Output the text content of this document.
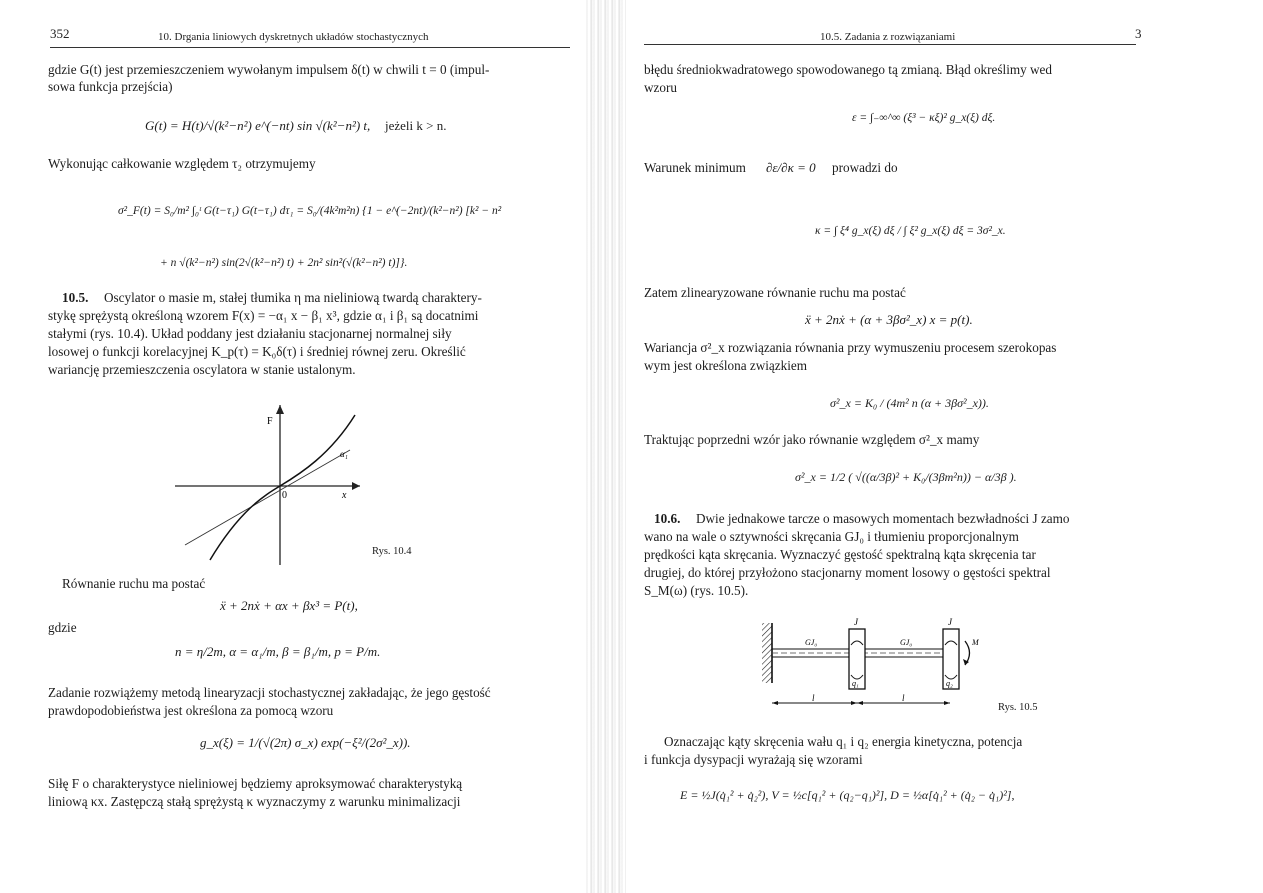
352	10. Drgania liniowych dyskretnych układów stochastycznych
gdzie G(t) jest przemieszczeniem wywołanym impulsem δ(t) w chwili t = 0 (impul-
sowa funkcja przejścia)
G(t) = H(t)/√(k²−n²) e^(−nt) sin √(k²−n²) t, jeżeli k > n.
Wykonując całkowanie względem τ₂ otrzymujemy
σ²_F(t) = S₀/m² ∫₀ᵗ G(t−τ₁) G(t−τ₁) dτ₁ = S₀/(4k²m²n) {1 − e^(−2nt)/(k²−n²) [k² − n²
+ n √(k²−n²) sin(2√(k²−n²) t) + 2n² sin²(√(k²−n²) t)]}.
10.5. Oscylator o masie m, stałej tłumika η ma nieliniową twardą charaktery-
stykę sprężystą określoną wzorem F(x) = −α₁ x − β₁ x³, gdzie α₁ i β₁ są docatnimi
stałymi (rys. 10.4). Układ poddany jest działaniu stacjonarnej normalnej siły
losowej o funkcji korelacyjnej K_p(τ) = K₀δ(τ) i średniej równej zeru. Określić
wariancję przemieszczenia oscylatora w stanie ustalonym.
F
0	x
α₁
Rys. 10.4
Równanie ruchu ma postać
ẍ + 2nẋ + αx + βx³ = P(t),
gdzie
n = η/2m, α = α₁/m, β = β₁/m, p = P/m.
Zadanie rozwiążemy metodą linearyzacji stochastycznej zakładając, że jego gęstość
prawdopodobieństwa jest określona za pomocą wzoru
g_x(ξ) = 1/(√(2π) σ_x) exp(−ξ²/(2σ²_x)).
Siłę F o charakterystyce nieliniowej będziemy aproksymować charakterystyką
liniową κx. Zastępczą stałą sprężystą κ wyznaczymy z warunku minimalizacji
10.5. Zadania z rozwiązaniami	3
błędu średniokwadratowego spowodowanego tą zmianą. Błąd określimy wed
wzoru
ε = ∫₋∞^∞ (ξ³ − κξ)² g_x(ξ) dξ.
Warunek minimum ∂ε/∂κ = 0 prowadzi do
κ = ∫ ξ⁴ g_x(ξ) dξ / ∫ ξ² g_x(ξ) dξ = 3σ²_x.
Zatem zlinearyzowane równanie ruchu ma postać
ẍ + 2nẋ + (α + 3βσ²_x) x = p(t).
Wariancja σ²_x rozwiązania równania przy wymuszeniu procesem szerokopas
wym jest określona związkiem
σ²_x = K₀ / (4m² n (α + 3βσ²_x)).
Traktując poprzedni wzór jako równanie względem σ²_x mamy
σ²_x = 1/2 ( √((α/3β)² + K₀/(3βm²n)) − α/3β ).
10.6. Dwie jednakowe tarcze o masowych momentach bezwładności J zamo
wano na wale o sztywności skręcania GJ₀ i tłumieniu proporcjonalnym
prędkości kąta skręcania. Wyznaczyć gęstość spektralną kąta skręcenia tar
drugiej, do której przyłożono stacjonarny moment losowy o gęstości spektral
S_M(ω) (rys. 10.5).
J	J
GJ₀	GJ₀
q₁	q₂
M
l	l
Rys. 10.5
Oznaczając kąty skręcenia wału q₁ i q₂ energia kinetyczna, potencja
i funkcja dysypacji wyrażają się wzorami
E = ½J(q̇₁² + q̇₂²), V = ½c[q₁² + (q₂−q₁)²], D = ½α[q̇₁² + (q̇₂ − q̇₁)²],
